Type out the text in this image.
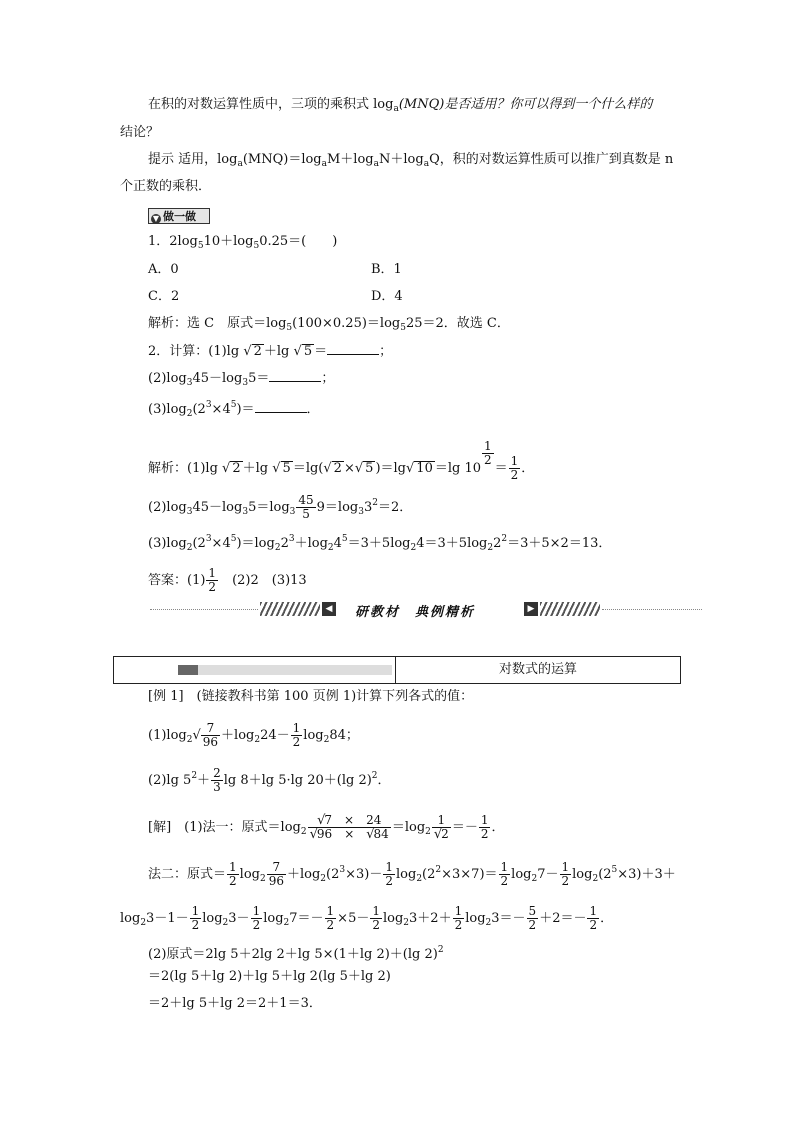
在积的对数运算性质中，三项的乘积式 $\log_a(MNQ)$是否适用？你可以得到一个什么样的
结论？
提示 适用，$\log_a(MNQ)=\log_aM+\log_aN+\log_aQ$，积的对数运算性质可以推广到真数是 n
个正数的乘积．
▼ 做一做
1．$2\log_510+\log_50.25=$(　　)
A．0	B．1
C．2	D．4
解析：选 C　原式$=\log_5(100\times 0.25)=\log_525=2$．故选 C．
2．计算：(1)lg √ 2 ＋lg √ 5 ＝	；
$(2)\log_345-\log_35=$	；
$(3)\log_2(2^3\times 4^5)=$	．
解析：(1)lg √ 2 ＋lg √ 5 ＝lg(√ 2 ×√ 5 )＝lg√ 10 ＝lg 10
$\frac{1}{2}$
＝ $\frac{1}{2}$ ．
$(2)\log_345-\log_35=\log_3 \frac{45}{5} 9=\log_33^2=2$．
$(3)\log_2(2^3\times 4^5)=\log_22^3+\log_24^5=3+5\log_24=3+5\log_22^2=3+5\times 2=13$．
答案：$(1) \frac{1}{2}$ 　(2)2　(3)13
◀ 研教材　典例精析	▶
对数式的运算
[例 1]　(链接教科书第 100 页例 1)计算下列各式的值：
$(1)\log_2√ \frac{7}{96} +\log_224- \frac{1}{2} \log_284$；
(2)lg $5^2+ \frac{2}{3}$ lg 8＋lg 5·lg 20＋(lg 2)$^2$．
[解]　(1)法一：原式$=\log_2 \frac{√7 \times 24}{√96 \times √84} =\log_2 \frac{1}{√2} =- \frac{1}{2}$ ．
法二：原式＝ $\frac{1}{2} \log_2 \frac{7}{96} +\log_2(2^3\times 3)- \frac{1}{2} \log_2(2^2\times 3\times 7)= \frac{1}{2} \log_27- \frac{1}{2} \log_2(2^5\times 3)+3+$
$\log_23-1- \frac{1}{2} \log_23- \frac{1}{2} \log_27=- \frac{1}{2} \times 5- \frac{1}{2} \log_23+2+ \frac{1}{2} \log_23=- \frac{5}{2} +2=- \frac{1}{2}$ ．
(2)原式＝2lg 5＋2lg 2＋lg 5×(1＋lg 2)＋(lg 2)$^2$
＝2(lg 5＋lg 2)＋lg 5＋lg 2(lg 5＋lg 2)
＝2＋lg 5＋lg 2＝2＋1＝3．
